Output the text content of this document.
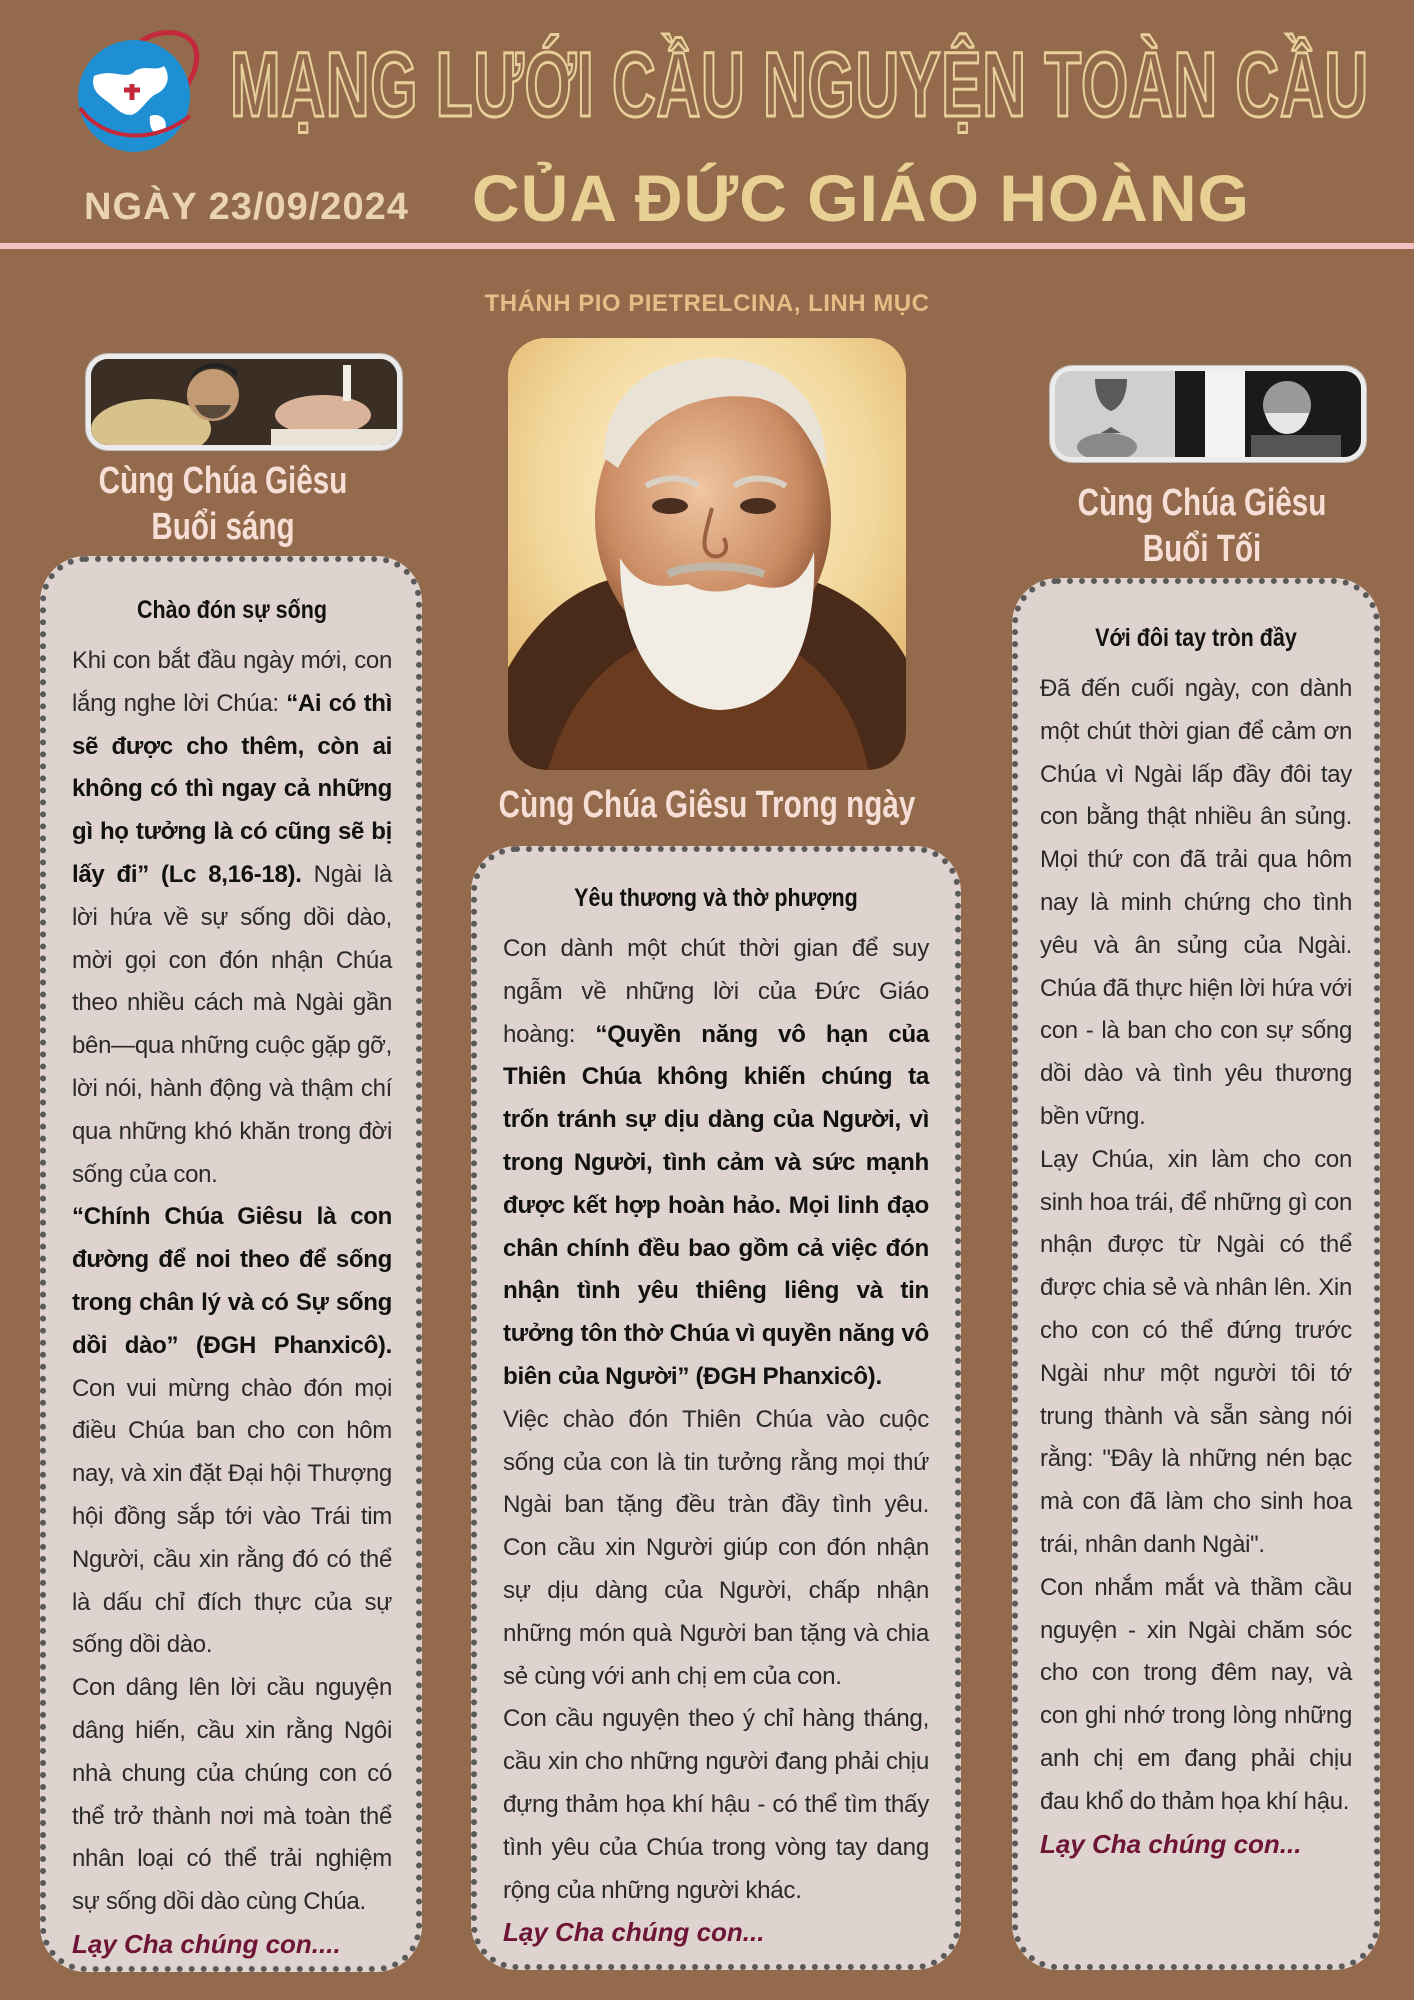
MẠNG LƯỚI CẦU NGUYỆN TOÀN CẦU
NGÀY 23/09/2024 CỦA ĐỨC GIÁO HOÀNG
THÁNH PIO PIETRELCINA, LINH MỤC
Cùng Chúa Giêsu
Buổi sáng
Cùng Chúa Giêsu
Buổi Tối
Cùng Chúa Giêsu Trong ngày
Chào đón sự sống

Khi con bắt đầu ngày mới, con lắng nghe lời Chúa: “Ai có thì sẽ được cho thêm, còn ai không có thì ngay cả những gì họ tưởng là có cũng sẽ bị lấy đi” (Lc 8,16-18). Ngài là lời hứa về sự sống dồi dào, mời gọi con đón nhận Chúa theo nhiều cách mà Ngài gần bên—qua những cuộc gặp gỡ, lời nói, hành động và thậm chí qua những khó khăn trong đời sống của con.

“Chính Chúa Giêsu là con đường để noi theo để sống trong chân lý và có Sự sống dồi dào” (ĐGH Phanxicô). Con vui mừng chào đón mọi điều Chúa ban cho con hôm nay, và xin đặt Đại hội Thượng hội đồng sắp tới vào Trái tim Người, cầu xin rằng đó có thể là dấu chỉ đích thực của sự sống dồi dào.

Con dâng lên lời cầu nguyện dâng hiến, cầu xin rằng Ngôi nhà chung của chúng con có thể trở thành nơi mà toàn thể nhân loại có thể trải nghiệm sự sống dồi dào cùng Chúa.

Lạy Cha chúng con....
Yêu thương và thờ phượng

Con dành một chút thời gian để suy ngẫm về những lời của Đức Giáo hoàng: “Quyền năng vô hạn của Thiên Chúa không khiến chúng ta trốn tránh sự dịu dàng của Người, vì trong Người, tình cảm và sức mạnh được kết hợp hoàn hảo. Mọi linh đạo chân chính đều bao gồm cả việc đón nhận tình yêu thiêng liêng và tin tưởng tôn thờ Chúa vì quyền năng vô biên của Người” (ĐGH Phanxicô).

Việc chào đón Thiên Chúa vào cuộc sống của con là tin tưởng rằng mọi thứ Ngài ban tặng đều tràn đầy tình yêu. Con cầu xin Người giúp con đón nhận sự dịu dàng của Người, chấp nhận những món quà Người ban tặng và chia sẻ cùng với anh chị em của con.

Con cầu nguyện theo ý chỉ hàng tháng, cầu xin cho những người đang phải chịu đựng thảm họa khí hậu - có thể tìm thấy tình yêu của Chúa trong vòng tay dang rộng của những người khác.

Lạy Cha chúng con...
Với đôi tay tròn đầy

Đã đến cuối ngày, con dành một chút thời gian để cảm ơn Chúa vì Ngài lấp đầy đôi tay con bằng thật nhiều ân sủng. Mọi thứ con đã trải qua hôm nay là minh chứng cho tình yêu và ân sủng của Ngài. Chúa đã thực hiện lời hứa với con - là ban cho con sự sống dồi dào và tình yêu thương bền vững.

Lạy Chúa, xin làm cho con sinh hoa trái, để những gì con nhận được từ Ngài có thể được chia sẻ và nhân lên. Xin cho con có thể đứng trước Ngài như một người tôi tớ trung thành và sẵn sàng nói rằng: "Đây là những nén bạc mà con đã làm cho sinh hoa trái, nhân danh Ngài".

Con nhắm mắt và thầm cầu nguyện - xin Ngài chăm sóc cho con trong đêm nay, và con ghi nhớ trong lòng những anh chị em đang phải chịu đau khổ do thảm họa khí hậu.

Lạy Cha chúng con...
